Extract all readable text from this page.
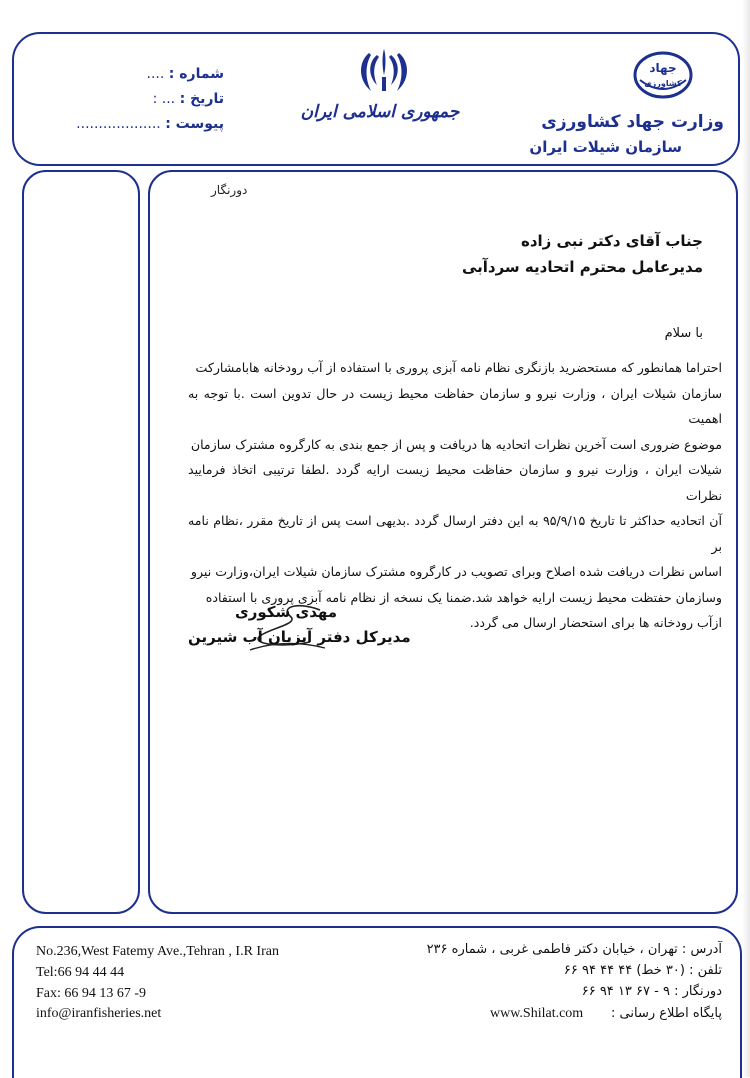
شماره : ....
تاریخ : ... :
پیوست : ...................
جمهوری اسلامی ایران
جهاد
کشاورزی
وزارت جهاد کشاورزی
سازمان شیلات ایران
دورنگار
جناب آقای دکتر نبی زاده
مدیرعامل محترم اتحادیه سردآبی
با سلام

احتراما همانطور که مستحضرید بازنگری نظام نامه آبزی پروری با استفاده از آب رودخانه هابامشارکت

سازمان شیلات ایران ، وزارت نیرو و سازمان حفاظت محیط زیست در حال تدوین است .با توجه به اهمیت

موضوع ضروری است آخرین نظرات اتحادیه ها دریافت و پس از جمع بندی به کارگروه مشترک سازمان

شیلات ایران ، وزارت نیرو و سازمان حفاظت محیط زیست ارایه گردد .لطفا ترتیبی اتخاذ فرمایید نظرات

آن اتحادیه حداکثر تا تاریخ ۹۵/۹/۱۵ به این دفتر ارسال گردد .بدیهی است پس از تاریخ مقرر ،نظام نامه بر

اساس نظرات دریافت شده اصلاح وبرای تصویب در کارگروه مشترک سازمان شیلات ایران،وزارت نیرو

وسازمان حفتظت محیط زیست ارایه خواهد شد.ضمنا یک نسخه از نظام نامه آبزی پروری با استفاده

ازآب رودخانه ها برای استحضار ارسال می گردد.

مهدی شکوری
مدیرکل دفتر آبزیان آب شیرین
No.236,West Fatemy Ave.,Tehran , I.R Iran
Tel:66 94 44 44
Fax: 66 94 13 67 -9
info@iranfisheries.net
آدرس : تهران ، خیابان دکتر فاطمی غربی ، شماره ۲۳۶
تلفن : (۳۰ خط) ۴۴ ۴۴ ۹۴ ۶۶
دورنگار : ۹ - ۶۷ ۱۳ ۹۴ ۶۶
پایگاه اطلاع رسانی :
www.Shilat.com
